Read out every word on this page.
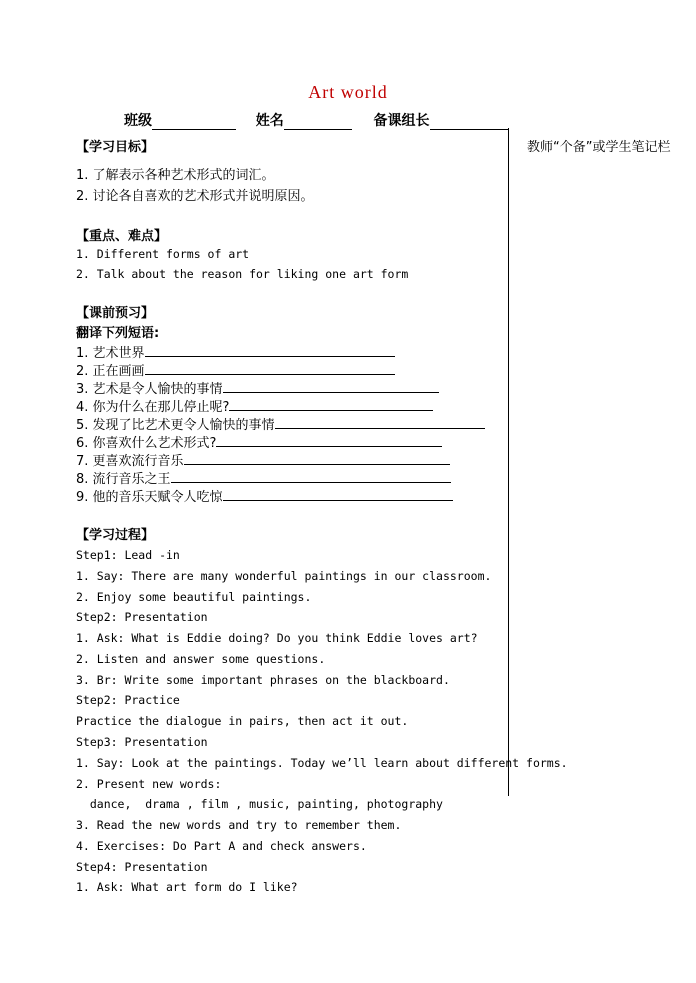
Art world
班级	姓名	备课组长
教师“个备”或学生笔记栏
【学习目标】
1. 了解表示各种艺术形式的词汇。
2. 讨论各自喜欢的艺术形式并说明原因。
【重点、难点】
1. Different forms of art
2. Talk about the reason for liking one art form
【课前预习】
翻译下列短语:
1. 艺术世界
2. 正在画画
3. 艺术是令人愉快的事情
4. 你为什么在那儿停止呢?
5. 发现了比艺术更令人愉快的事情
6. 你喜欢什么艺术形式?
7. 更喜欢流行音乐
8. 流行音乐之王
9. 他的音乐天赋令人吃惊
【学习过程】
Step1: Lead -in
1. Say: There are many wonderful paintings in our classroom.
2. Enjoy some beautiful paintings.
Step2: Presentation
1. Ask: What is Eddie doing? Do you think Eddie loves art?
2. Listen and answer some questions.
3. Br: Write some important phrases on the blackboard.
Step2: Practice
Practice the dialogue in pairs, then act it out.
Step3: Presentation
1. Say: Look at the paintings. Today we’ll learn about different forms.
2. Present new words:
dance,  drama , film , music, painting, photography
3. Read the new words and try to remember them.
4. Exercises: Do Part A and check answers.
Step4: Presentation
1. Ask: What art form do I like?
